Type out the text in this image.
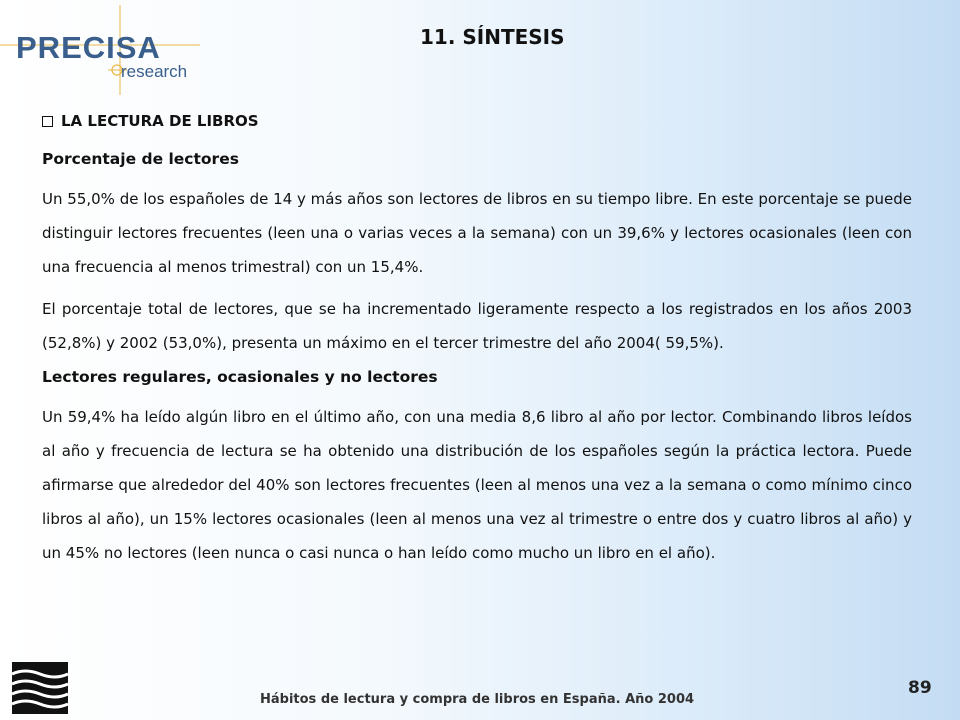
PRECISA
research
11. SÍNTESIS
LA LECTURA DE LIBROS
Porcentaje de lectores

Un 55,0% de los españoles de 14 y más años son lectores de libros en su tiempo libre. En este porcentaje se puede distinguir lectores frecuentes (leen una o varias veces a la semana) con un 39,6% y lectores ocasionales (leen con una frecuencia al menos trimestral) con un 15,4%.

El porcentaje total de lectores, que se ha incrementado ligeramente respecto a los registrados en los años 2003 (52,8%) y 2002 (53,0%), presenta un máximo en el tercer trimestre del año 2004( 59,5%).

Lectores regulares, ocasionales y no lectores

Un 59,4% ha leído algún libro en el último año, con una media 8,6 libro al año por lector. Combinando libros leídos al año y frecuencia de lectura se ha obtenido una distribución de los españoles según la práctica lectora. Puede afirmarse que alrededor del 40% son lectores frecuentes (leen al menos una vez a la semana o como mínimo cinco libros al año), un 15% lectores ocasionales (leen al menos una vez al trimestre o entre dos y cuatro libros al año) y un 45% no lectores (leen nunca o casi nunca o han leído como mucho un libro en el año).

Hábitos de lectura y compra de libros en España. Año 2004
89
